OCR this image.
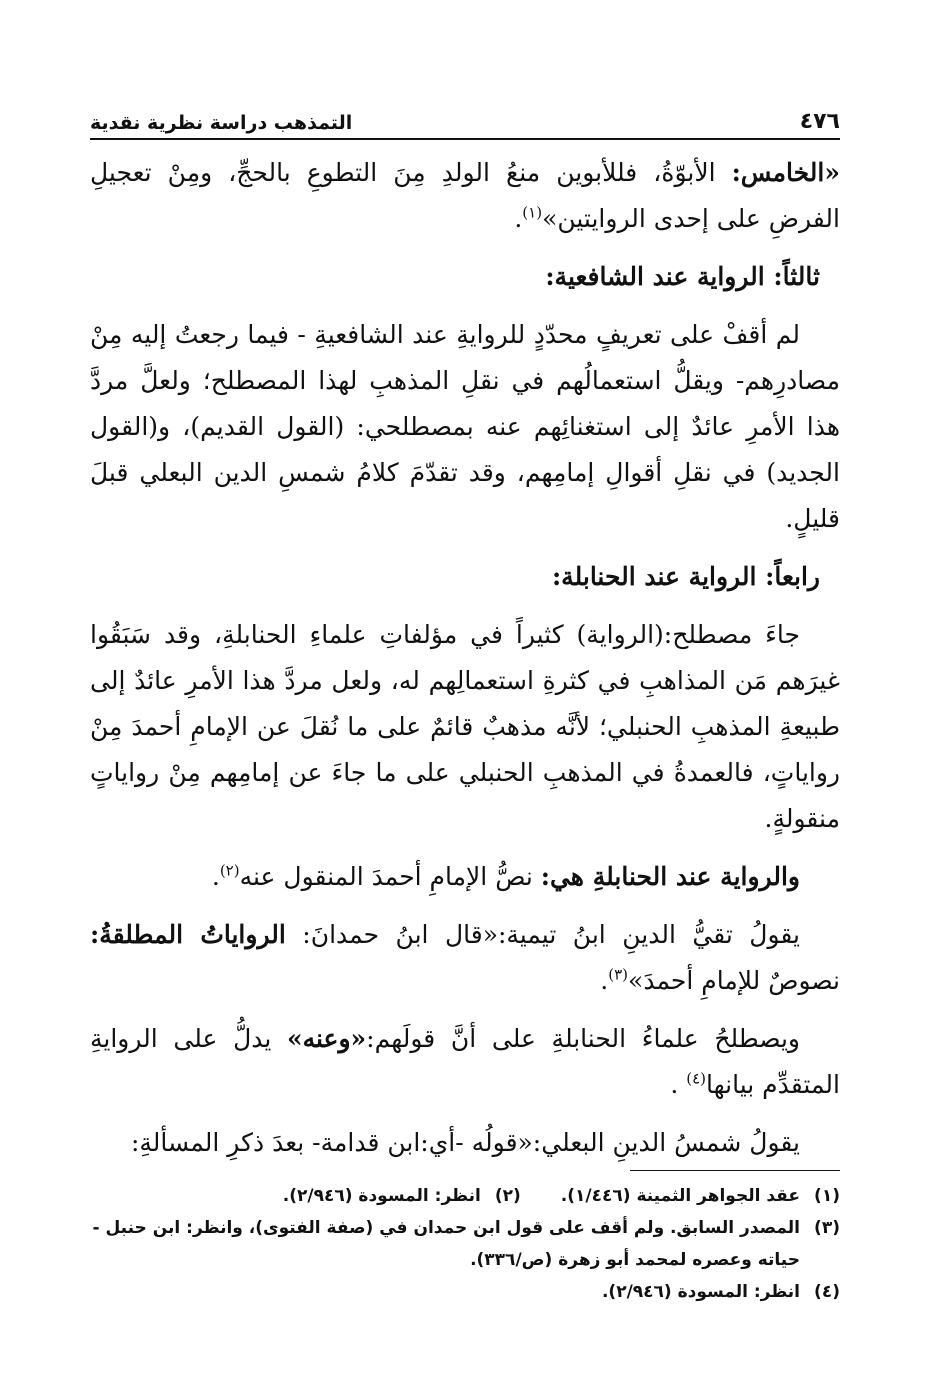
٤٧٦
التمذهب دراسة نظرية نقدية

«الخامس: الأبوّةُ، فللأبوين منعُ الولدِ مِنَ التطوعِ بالحجِّ، ومِنْ تعجيلِ الفرضِ على إحدى الروايتين»$^{(١)}$.

ثالثاً: الرواية عند الشافعية:

لم أقفْ على تعريفٍ محدّدٍ للروايةِ عند الشافعيةِ - فيما رجعتُ إليه مِنْ مصادرِهم- ويقلُّ استعمالُهم في نقلِ المذهبِ لهذا المصطلح؛ ولعلَّ مردَّ هذا الأمرِ عائدٌ إلى استغنائِهم عنه بمصطلحي: (القول القديم)، و(القول الجديد) في نقلِ أقوالِ إمامِهم، وقد تقدّمَ كلامُ شمسِ الدين البعلي قبلَ قليلٍ.

رابعاً: الرواية عند الحنابلة:

جاءَ مصطلح:(الرواية) كثيراً في مؤلفاتِ علماءِ الحنابلةِ، وقد سَبَقُوا غيرَهم مَن المذاهبِ في كثرةِ استعمالِهم له، ولعل مردَّ هذا الأمرِ عائدٌ إلى طبيعةِ المذهبِ الحنبلي؛ لأنَّه مذهبٌ قائمٌ على ما نُقلَ عن الإمامِ أحمدَ مِنْ رواياتٍ، فالعمدةُ في المذهبِ الحنبلي على ما جاءَ عن إمامِهم مِنْ رواياتٍ منقولةٍ.

والرواية عند الحنابلةِ هي: نصُّ الإمامِ أحمدَ المنقول عنه$^{(٢)}$.

يقولُ تقيُّ الدينِ ابنُ تيمية:«قال ابنُ حمدانَ: الرواياتُ المطلقةُ: نصوصٌ للإمامِ أحمدَ»$^{(٣)}$.

ويصطلحُ علماءُ الحنابلةِ على أنَّ قولَهم:«وعنه» يدلُّ على الروايةِ المتقدِّم بيانها$^{(٤)}$ .

يقولُ شمسُ الدينِ البعلي:«قولُه -أي:ابن قدامة- بعدَ ذكرِ المسألةِ:

(١)
عقد الجواهر الثمينة (١/٤٤٦).
(٢)
انظر: المسودة (٢/٩٤٦).
(٣)
المصدر السابق. ولم أقف على قول ابن حمدان في (صفة الفتوى)، وانظر: ابن حنبل -
حياته وعصره لمحمد أبو زهرة (ص/٣٣٦).
(٤)
انظر: المسودة (٢/٩٤٦).
